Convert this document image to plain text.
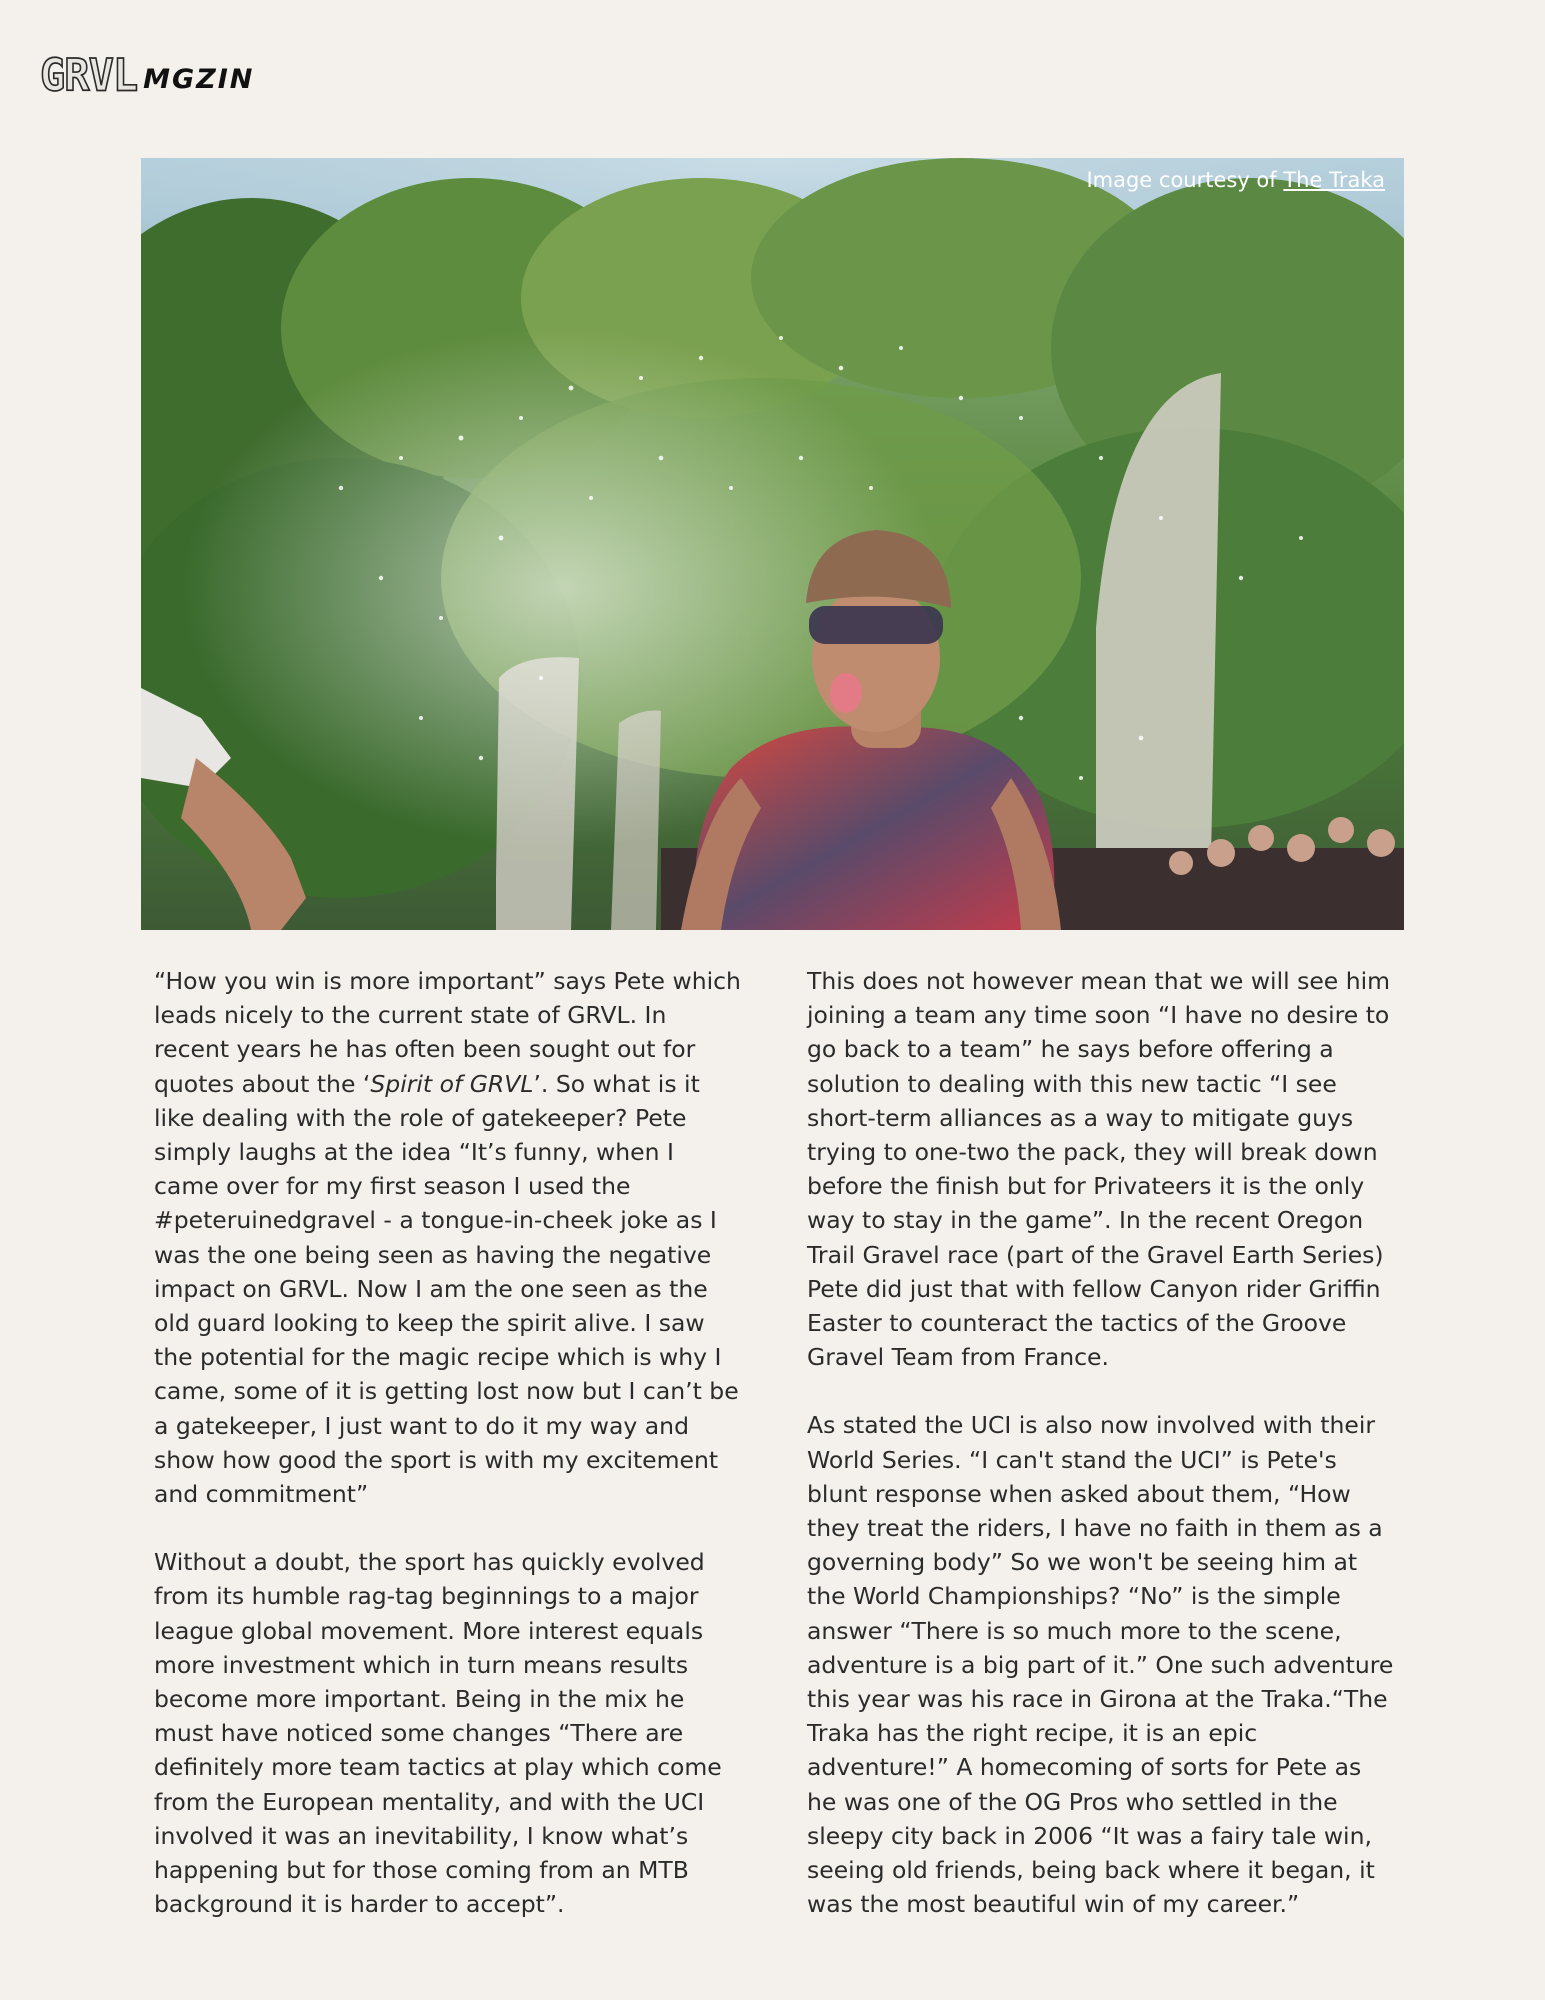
GRVL MGZIN
Image courtesy of The Traka

“How you win is more important” says Pete which leads nicely to the current state of GRVL. In recent years he has often been sought out for quotes about the ‘Spirit of GRVL’. So what is it like dealing with the role of gatekeeper? Pete simply laughs at the idea “It’s funny, when I came over for my first season I used the #peteruinedgravel - a tongue-in-cheek joke as I was the one being seen as having the negative impact on GRVL. Now I am the one seen as the old guard looking to keep the spirit alive. I saw the potential for the magic recipe which is why I came, some of it is getting lost now but I can’t be a gatekeeper, I just want to do it my way and show how good the sport is with my excitement and commitment”

Without a doubt, the sport has quickly evolved from its humble rag-tag beginnings to a major league global movement. More interest equals more investment which in turn means results become more important. Being in the mix he must have noticed some changes “There are definitely more team tactics at play which come from the European mentality, and with the UCI involved it was an inevitability, I know what’s happening but for those coming from an MTB background it is harder to accept”.

This does not however mean that we will see him joining a team any time soon “I have no desire to go back to a team” he says before offering a solution to dealing with this new tactic “I see short-term alliances as a way to mitigate guys trying to one-two the pack, they will break down before the finish but for Privateers it is the only way to stay in the game”. In the recent Oregon Trail Gravel race (part of the Gravel Earth Series) Pete did just that with fellow Canyon rider Griffin Easter to counteract the tactics of the Groove Gravel Team from France.

As stated the UCI is also now involved with their World Series. “I can't stand the UCI” is Pete's blunt response when asked about them, “How they treat the riders, I have no faith in them as a governing body” So we won't be seeing him at the World Championships? “No” is the simple answer “There is so much more to the scene, adventure is a big part of it.” One such adventure this year was his race in Girona at the Traka.“The Traka has the right recipe, it is an epic adventure!” A homecoming of sorts for Pete as he was one of the OG Pros who settled in the sleepy city back in 2006 “It was a fairy tale win, seeing old friends, being back where it began, it was the most beautiful win of my career.”
